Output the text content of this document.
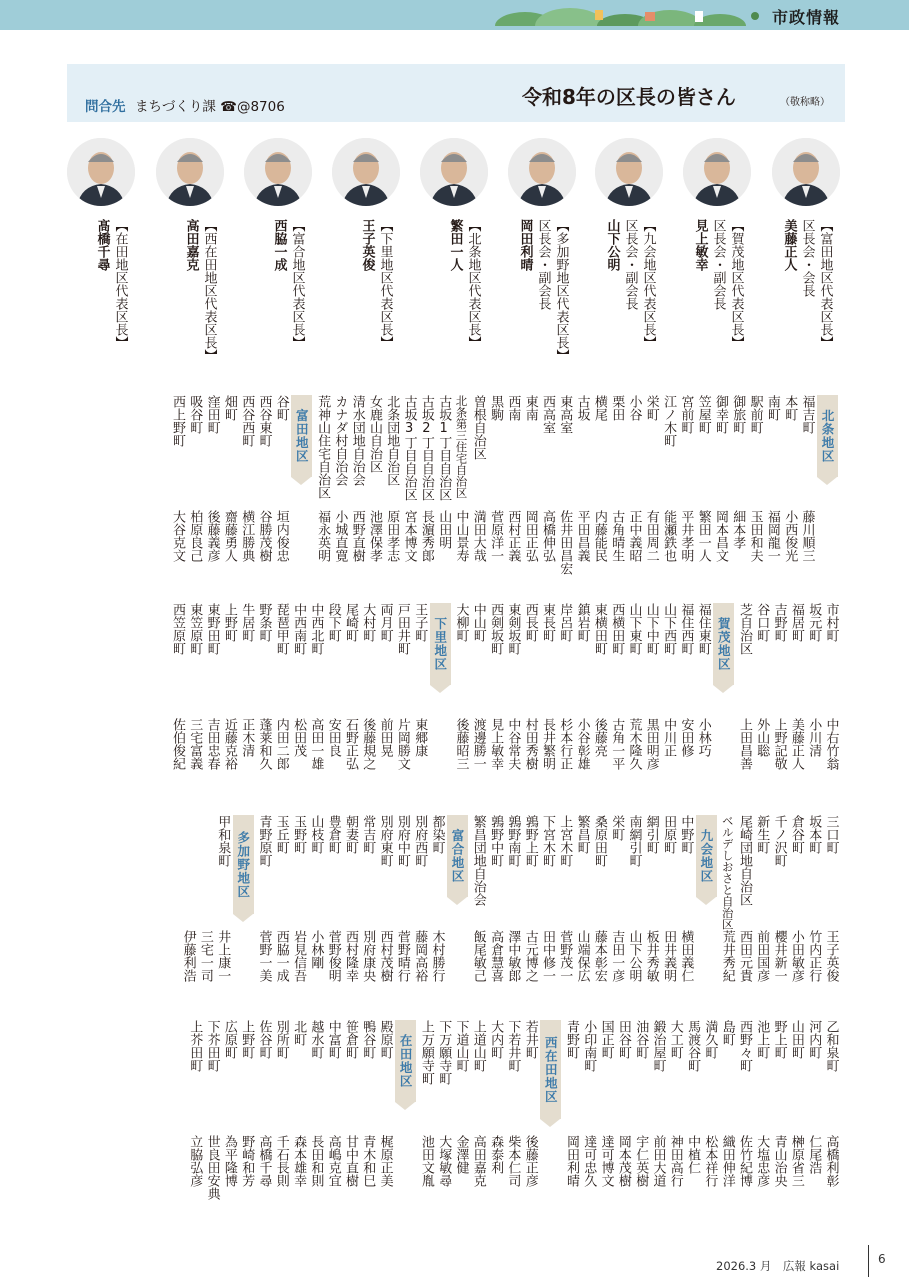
市政情報
問合先 まちづくり課 ☎@8706	令和8年の区長の皆さん	（敬称略）
【富田地区代表区長】
区長会・会長
美藤正人
【賀茂地区代表区長】
区長会・副会長
見上敏幸
【九会地区代表区長】
区長会・副会長
山下公明
【多加野地区代表区長】
区長会・副会長
岡田利晴
【北条地区代表区長】
繁田一人
【下里地区代表区長】
王子英俊
【富合地区代表区長】
西脇一成
【西在田地区代表区長】
高田嘉克
【在田地区代表区長】
髙橋千尋
北条地区
福吉町
藤川順三
本町
小西俊光
南町
福岡龍一
駅前町
玉田和夫
御旅町
細本孝
御幸町
岡本昌文
笠屋町
繁田一人
宮前町
平井孝明
江ノ木町
能瀬鉄也
栄町
有田周二
小谷
正中義昭
栗田
古角晴生
横尾
内藤能民
古坂
平田昌義
東高室
佐井田昌宏
西高室
高橋伸弘
東南
岡田正弘
西南
西村正義
黒駒
菅原洋一
曽根自治区
満田大哉
北条第三住宅自治区
中山景寿
古坂1丁目自治区
山田明
古坂2丁目自治区
長濵秀郎
古坂3丁目自治区
宮本博文
北条団地自治区
原田孝志
女鹿山自治区
池澤保孝
清水団地自治会
西野直樹
カナダ村自治会
小城直寛
荒神山住宅自治区
福永英明
富田地区
谷町
垣内俊忠
西谷東町
谷勝茂樹
西谷西町
横江勝典
畑町
齋藤勇人
窪田町
後藤義彦
吸谷町
柏原良己
西上野町
大谷克文
市村町
中右竹翁
坂元町
小川清
福居町
美藤正人
吉野町
上野記敬
谷口町
外山聡
芝自治区
上田昌善
賀茂地区
福住東町
小林巧
福住西町
安田修
山下西町
中川正
山下中町
黒田明彦
山下東町
荒木隆久
西横田町
古角一平
東横田町
後藤亮
鎮岩町
小谷彰雄
岸呂町
杉本行正
東長町
長井繁明
西長町
村田秀樹
東剣坂町
中谷常夫
西剣坂町
見上敏幸
中山町
渡邊勝一
大柳町
後藤昭三
下里地区
王子町
東郷康
戸田井町
片岡勝文
両月町
前田晃
大村町
後藤規之
尾崎町
石野正弘
段下町
安田良
中西北町
高田一雄
中西南町
松田茂
琵琶甲町
内田二郎
野条町
蓬莱和久
牛居町
正木清
上野町
近藤克裕
東野田町
吉田忠春
東笠原町
三宅富義
西笠原町
佐伯俊紀
三口町
王子英俊
坂本町
竹内正行
倉谷町
小田敏彦
千ノ沢町
櫻井新一
新生町
前田国彦
尾崎団地自治区
西田元貴
ベルデしおさと自治区
荒井秀紀
九会地区
中野町
横田義仁
田原町
田井義明
網引町
板井秀敏
南網引町
山下公明
栄町
吉田一彦
桑原田町
藤本彰宏
繁昌町
山端保広
上宮木町
菅野茂一
下宮木町
田中修一
鶉野上町
古元博之
鶉野南町
澤中敏郎
鶉野中町
高倉慧喜
繁昌団地自治会
飯尾敏己
富合地区
都染町
木村勝行
別府西町
藤岡高裕
別府中町
菅野晴行
別府東町
西村茂樹
常吉町
別府康央
朝妻町
西村隆幸
豊倉町
菅野俊明
山枝町
小林剛
玉野町
岩見信吾
玉丘町
西脇一成
青野原町
菅野一美
多加野地区
甲和泉町
井上康一
三宅一司
伊藤利浩
乙和泉町
高橋利彰
河内町
仁尾浩
山田町
榊原省三
野上町
青山治央
池上町
大塩忠彦
西野々町
佐竹紀博
島町
織田伸洋
満久町
松本祥行
馬渡谷町
中植仁
大工町
神田高行
鍛治屋町
前田大道
油谷町
宇仁英樹
田谷町
岡本茂樹
国正町
達可博文
小印南町
達可忠久
青野町
岡田利晴
西在田地区
若井町
後藤正彦
下若井町
柴本仁司
大内町
森泰利
上道山町
高田嘉克
下道山町
金澤健
下万願寺町
大塚敏尋
上万願寺町
池田文胤
在田地区
殿原町
梶原正美
鴨谷町
青木和巳
笹倉町
甘中直樹
中富町
高嶋克宜
越水町
長田和則
北町
森本雄幸
別所町
千石長則
佐谷町
高橋千尋
上野町
野崎和芳
広原町
為平隆博
下芥田町
世良田安典
上芥田町
立脇弘彦
2026.3 月　広報 kasai	6
